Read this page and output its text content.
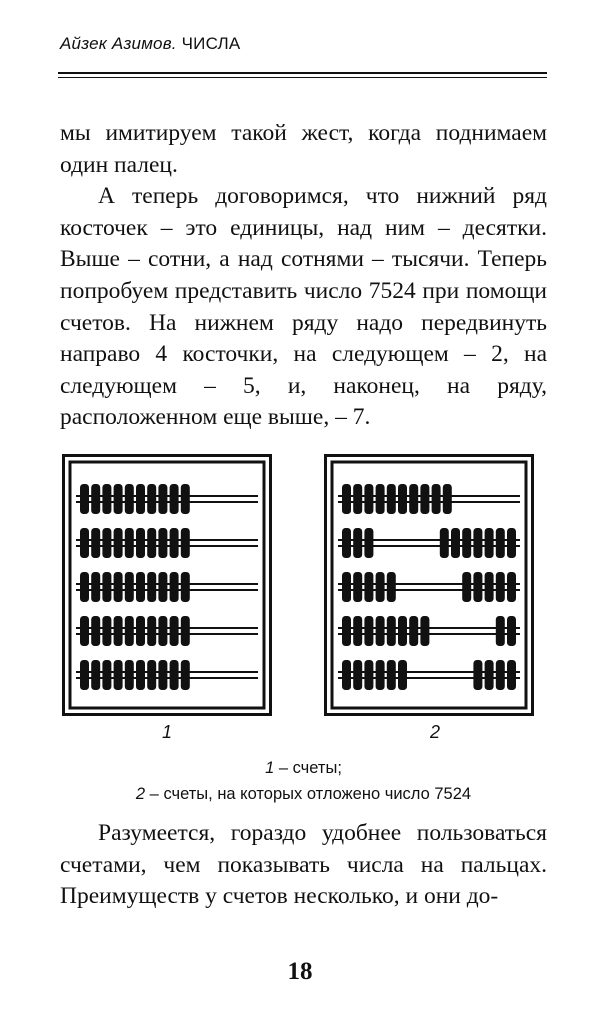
Айзек Азимов. ЧИСЛА

мы имитируем такой жест, когда поднимаем один палец.

А теперь договоримся, что нижний ряд косточек – это единицы, над ним – десятки. Выше – сотни, а над сотнями – тысячи. Теперь попробуем представить число 7524 при помощи счетов. На нижнем ряду надо передвинуть направо 4 косточки, на следующем – 2, на следующем – 5, и, наконец, на ряду, расположенном еще выше, – 7.

1	2
1 – счеты;
2 – счеты, на которых отложено число 7524

Разумеется, гораздо удобнее пользоваться счетами, чем показывать числа на пальцах. Преимуществ у счетов несколько, и они до-

18
